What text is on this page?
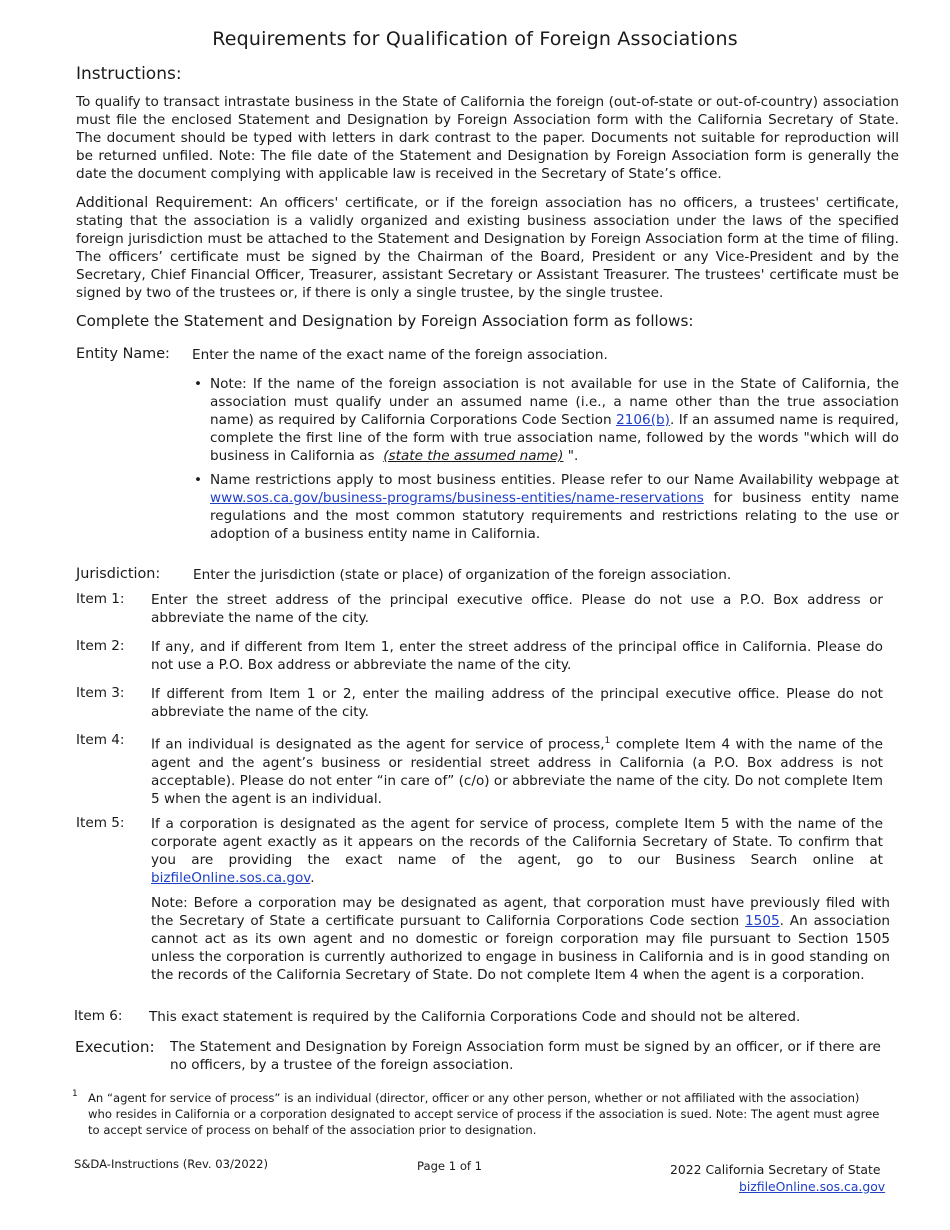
Requirements for Qualification of Foreign Associations
Instructions:
To qualify to transact intrastate business in the State of California the foreign (out-of-state or out-of-country) association must file the enclosed Statement and Designation by Foreign Association form with the California Secretary of State. The document should be typed with letters in dark contrast to the paper. Documents not suitable for reproduction will be returned unfiled. Note: The file date of the Statement and Designation by Foreign Association form is generally the date the document complying with applicable law is received in the Secretary of State’s office.
Additional Requirement: An officers' certificate, or if the foreign association has no officers, a trustees' certificate, stating that the association is a validly organized and existing business association under the laws of the specified foreign jurisdiction must be attached to the Statement and Designation by Foreign Association form at the time of filing. The officers’ certificate must be signed by the Chairman of the Board, President or any Vice-President and by the Secretary, Chief Financial Officer, Treasurer, assistant Secretary or Assistant Treasurer. The trustees' certificate must be signed by two of the trustees or, if there is only a single trustee, by the single trustee.
Complete the Statement and Designation by Foreign Association form as follows:
Entity Name: Enter the name of the exact name of the foreign association.
• Note: If the name of the foreign association is not available for use in the State of California, the association must qualify under an assumed name (i.e., a name other than the true association name) as required by California Corporations Code Section 2106(b). If an assumed name is required, complete the first line of the form with true association name, followed by the words "which will do business in California as (state the assumed name) ".
• Name restrictions apply to most business entities. Please refer to our Name Availability webpage at www.sos.ca.gov/business-programs/business-entities/name-reservations for business entity name regulations and the most common statutory requirements and restrictions relating to the use or adoption of a business entity name in California.
Jurisdiction: Enter the jurisdiction (state or place) of organization of the foreign association.
Item 1: Enter the street address of the principal executive office. Please do not use a P.O. Box address or abbreviate the name of the city.
Item 2: If any, and if different from Item 1, enter the street address of the principal office in California. Please do not use a P.O. Box address or abbreviate the name of the city.
Item 3: If different from Item 1 or 2, enter the mailing address of the principal executive office. Please do not abbreviate the name of the city.
Item 4: If an individual is designated as the agent for service of process,$^1$ complete Item 4 with the name of the agent and the agent’s business or residential street address in California (a P.O. Box address is not acceptable). Please do not enter “in care of” (c/o) or abbreviate the name of the city. Do not complete Item 5 when the agent is an individual.
Item 5: If a corporation is designated as the agent for service of process, complete Item 5 with the name of the corporate agent exactly as it appears on the records of the California Secretary of State. To confirm that you are providing the exact name of the agent, go to our Business Search online at bizfileOnline.sos.ca.gov.
Note: Before a corporation may be designated as agent, that corporation must have previously filed with the Secretary of State a certificate pursuant to California Corporations Code section 1505. An association cannot act as its own agent and no domestic or foreign corporation may file pursuant to Section 1505 unless the corporation is currently authorized to engage in business in California and is in good standing on the records of the California Secretary of State. Do not complete Item 4 when the agent is a corporation.
Item 6: This exact statement is required by the California Corporations Code and should not be altered.
Execution: The Statement and Designation by Foreign Association form must be signed by an officer, or if there are no officers, by a trustee of the foreign association.
1 An “agent for service of process” is an individual (director, officer or any other person, whether or not affiliated with the association) who resides in California or a corporation designated to accept service of process if the association is sued. Note: The agent must agree to accept service of process on behalf of the association prior to designation.
S&DA-Instructions (Rev. 03/2022)	Page 1 of 1	2022 California Secretary of State
bizfileOnline.sos.ca.gov
